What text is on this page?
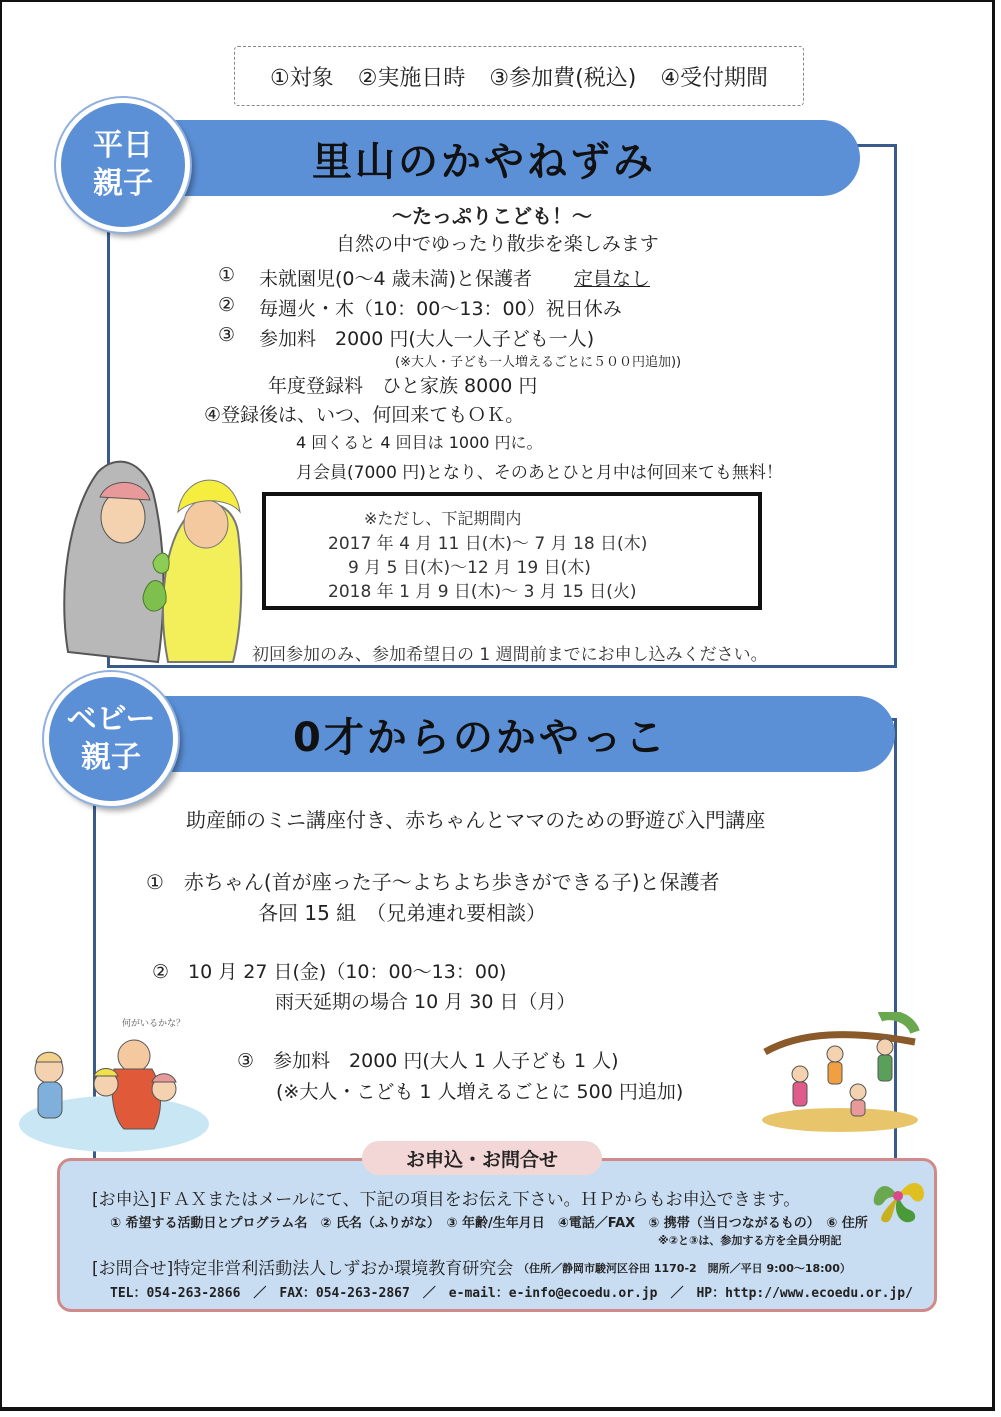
①対象 ②実施日時 ③参加費(税込) ④受付期間
里山のかやねずみ
平日
親子
～たっぷりこども！～
自然の中でゆったり散歩を楽しみます
① 未就園児(0～4 歳未満)と保護者 定員なし
② 毎週火・木（10：00～13：00）祝日休み
③ 参加料　2000 円(大人一人子ども一人)
(※大人・子ども一人増えるごとに５００円追加))
年度登録料　ひと家族 8000 円
④登録後は、いつ、何回来てもＯＫ。
4 回くると 4 回目は 1000 円に。
月会員(7000 円)となり、そのあとひと月中は何回来ても無料！
※ただし、下記期間内
2017 年 4 月 11 日(木)～ 7 月 18 日(木)
9 月 5 日(木)～12 月 19 日(木)
2018 年 1 月 9 日(木)～ 3 月 15 日(火)
初回参加のみ、参加希望日の 1 週間前までにお申し込みください。
0才からのかやっこ
ベビー
親子
助産師のミニ講座付き、赤ちゃんとママのための野遊び入門講座
①　赤ちゃん(首が座った子～よちよち歩きができる子)と保護者
各回 15 組　（兄弟連れ要相談）
②　10 月 27 日(金)（10：00～13：00)
雨天延期の場合 10 月 30 日（月）
③　参加料　2000 円(大人 1 人子ども 1 人)
(※大人・こども 1 人増えるごとに 500 円追加)
何がいるかな？
お申込・お問合せ
[お申込]ＦＡＸまたはメールにて、下記の項目をお伝え下さい。ＨＰからもお申込できます。
① 希望する活動日とプログラム名　② 氏名（ふりがな）　③ 年齢/生年月日　④電話／FAX　⑤ 携帯（当日つながるもの）　⑥ 住所
※②と③は、参加する方を全員分明記
[お問合せ]特定非営利活動法人しずおか環境教育研究会 （住所／静岡市駿河区谷田 1170-2　開所／平日 9:00～18:00）
TEL：054-263-2866　／　FAX：054-263-2867　／　e-mail：e-info@ecoedu.or.jp　／　HP：http://www.ecoedu.or.jp/
